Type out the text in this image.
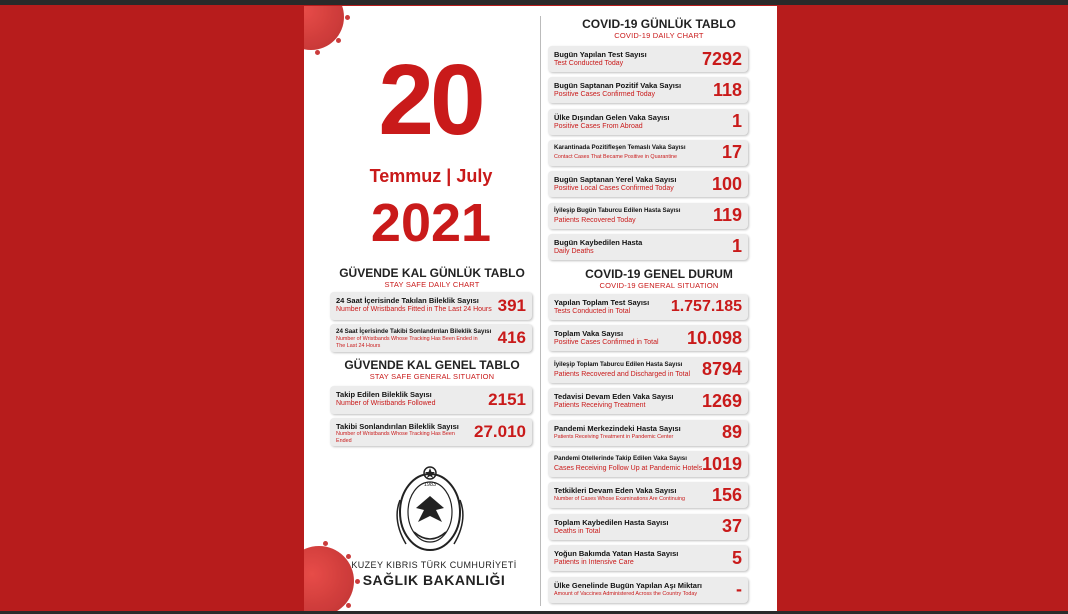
20
Temmuz | July
2021
GÜVENDE KAL GÜNLÜK TABLO
STAY SAFE DAILY CHART
24 Saat İçerisinde Takılan Bileklik Sayısı
Number of Wristbands Fitted in The Last 24 Hours 391
24 Saat İçerisinde Takibi Sonlandırılan Bileklik Sayısı
Number of Wristbands Whose Tracking Has Been Ended in The Last 24 Hours	416
GÜVENDE KAL GENEL TABLO
STAY SAFE GENERAL SITUATION
Takip Edilen Bileklik Sayısı
Number of Wristbands Followed	2151
Takibi Sonlandırılan Bileklik Sayısı
Number of Wristbands Whose Tracking Has Been Ended	27.010
1983
KUZEY KIBRIS TÜRK CUMHURİYETİ
SAĞLIK BAKANLIĞI
COVID-19 GÜNLÜK TABLO
COVID-19 DAILY CHART
Bugün Yapılan Test Sayısı
Test Conducted Today	7292
Bugün Saptanan Pozitif Vaka Sayısı
Positive Cases Confirmed Today	118
Ülke Dışından Gelen Vaka Sayısı
Positive Cases From Abroad	1
Karantinada Pozitifleşen Temaslı Vaka Sayısı
Contact Cases That Became Positive in Quarantine 17
Bugün Saptanan Yerel Vaka Sayısı
Positive Local Cases Confirmed Today 100
İyileşip Bugün Taburcu Edilen Hasta Sayısı
Patients Recovered Today	119
Bugün Kaybedilen Hasta
Daily Deaths	1
COVID-19 GENEL DURUM
COVID-19 GENERAL SITUATION
Yapılan Toplam Test Sayısı
Tests Conducted in Total	1.757.185
Toplam Vaka Sayısı
Positive Cases Confirmed in Total 10.098
İyileşip Toplam Taburcu Edilen Hasta Sayısı
Patients Recovered and Discharged in Total 8794
Tedavisi Devam Eden Vaka Sayısı
Patients Receiving Treatment	1269
Pandemi Merkezindeki Hasta Sayısı
Patients Receiving Treatment in Pandemic Center	89
Pandemi Otellerinde Takip Edilen Vaka Sayısı
Cases Receiving Follow Up at Pandemic Hotels 1019
Tetkikleri Devam Eden Vaka Sayısı
Number of Cases Whose Examinations Are Continuing 156
Toplam Kaybedilen Hasta Sayısı
Deaths in Total	37
Yoğun Bakımda Yatan Hasta Sayısı
Patients in Intensive Care	5
Ülke Genelinde Bugün Yapılan Aşı Miktarı
Amount of Vaccines Administered Across the Country Today -
